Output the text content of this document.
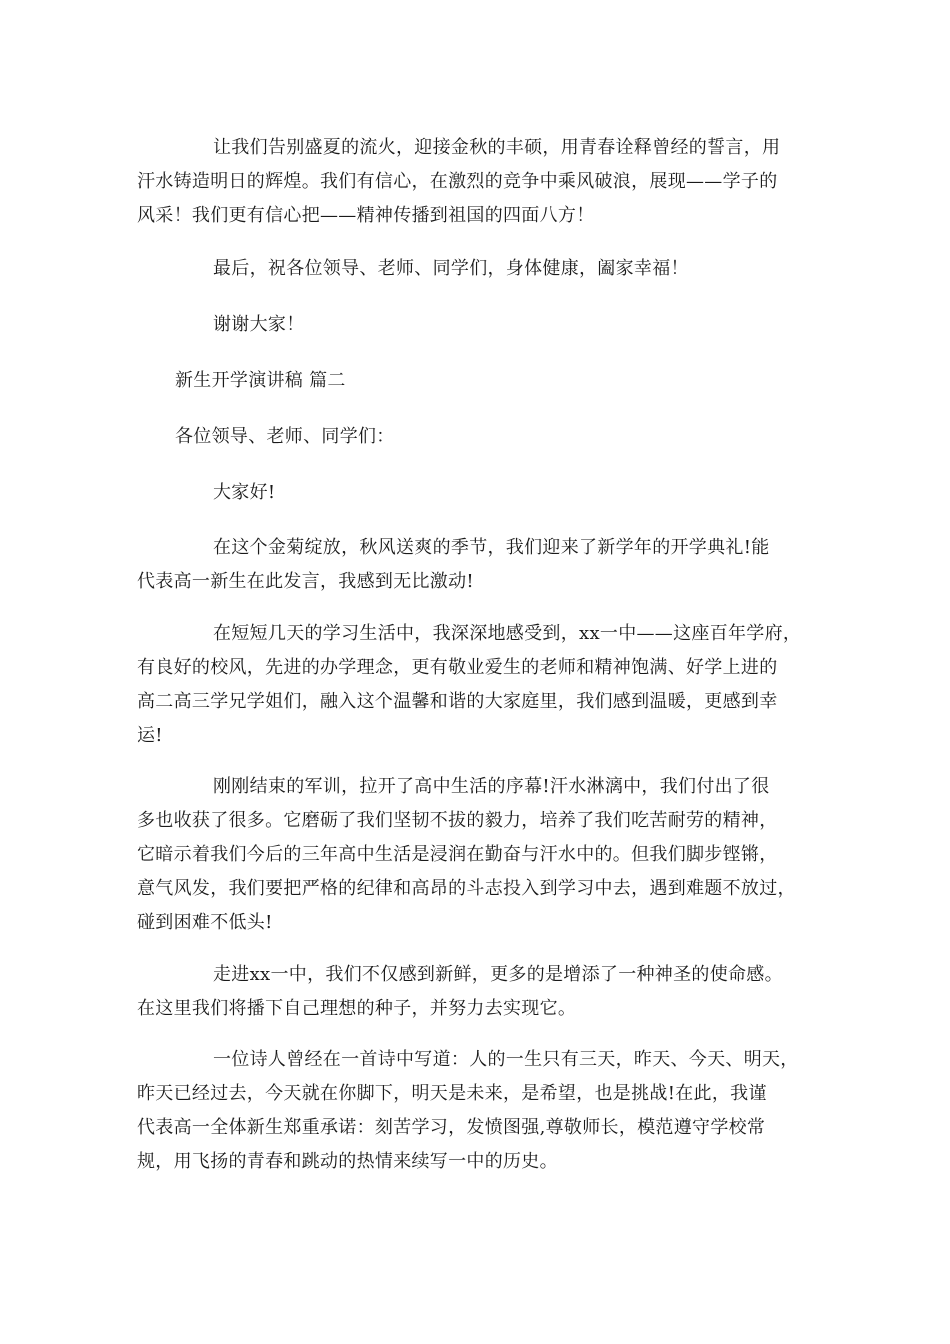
让我们告别盛夏的流火，迎接金秋的丰硕，用青春诠释曾经的誓言，用
汗水铸造明日的辉煌。我们有信心，在激烈的竞争中乘风破浪，展现——学子的
风采！我们更有信心把——精神传播到祖国的四面八方！

最后，祝各位领导、老师、同学们，身体健康，阖家幸福！

谢谢大家！

新生开学演讲稿 篇二

各位领导、老师、同学们：

大家好!

在这个金菊绽放，秋风送爽的季节，我们迎来了新学年的开学典礼!能
代表高一新生在此发言，我感到无比激动!

在短短几天的学习生活中，我深深地感受到，xx一中——这座百年学府，
有良好的校风，先进的办学理念，更有敬业爱生的老师和精神饱满、好学上进的
高二高三学兄学姐们，融入这个温馨和谐的大家庭里，我们感到温暖，更感到幸
运!

刚刚结束的军训，拉开了高中生活的序幕!汗水淋漓中，我们付出了很
多也收获了很多。它磨砺了我们坚韧不拔的毅力，培养了我们吃苦耐劳的精神，
它暗示着我们今后的三年高中生活是浸润在勤奋与汗水中的。但我们脚步铿锵，
意气风发，我们要把严格的纪律和高昂的斗志投入到学习中去，遇到难题不放过，
碰到困难不低头!

走进xx一中，我们不仅感到新鲜，更多的是增添了一种神圣的使命感。
在这里我们将播下自己理想的种子，并努力去实现它。

一位诗人曾经在一首诗中写道：人的一生只有三天，昨天、今天、明天，
昨天已经过去，今天就在你脚下，明天是未来，是希望，也是挑战!在此，我谨
代表高一全体新生郑重承诺：刻苦学习，发愤图强,尊敬师长，模范遵守学校常
规，用飞扬的青春和跳动的热情来续写一中的历史。
